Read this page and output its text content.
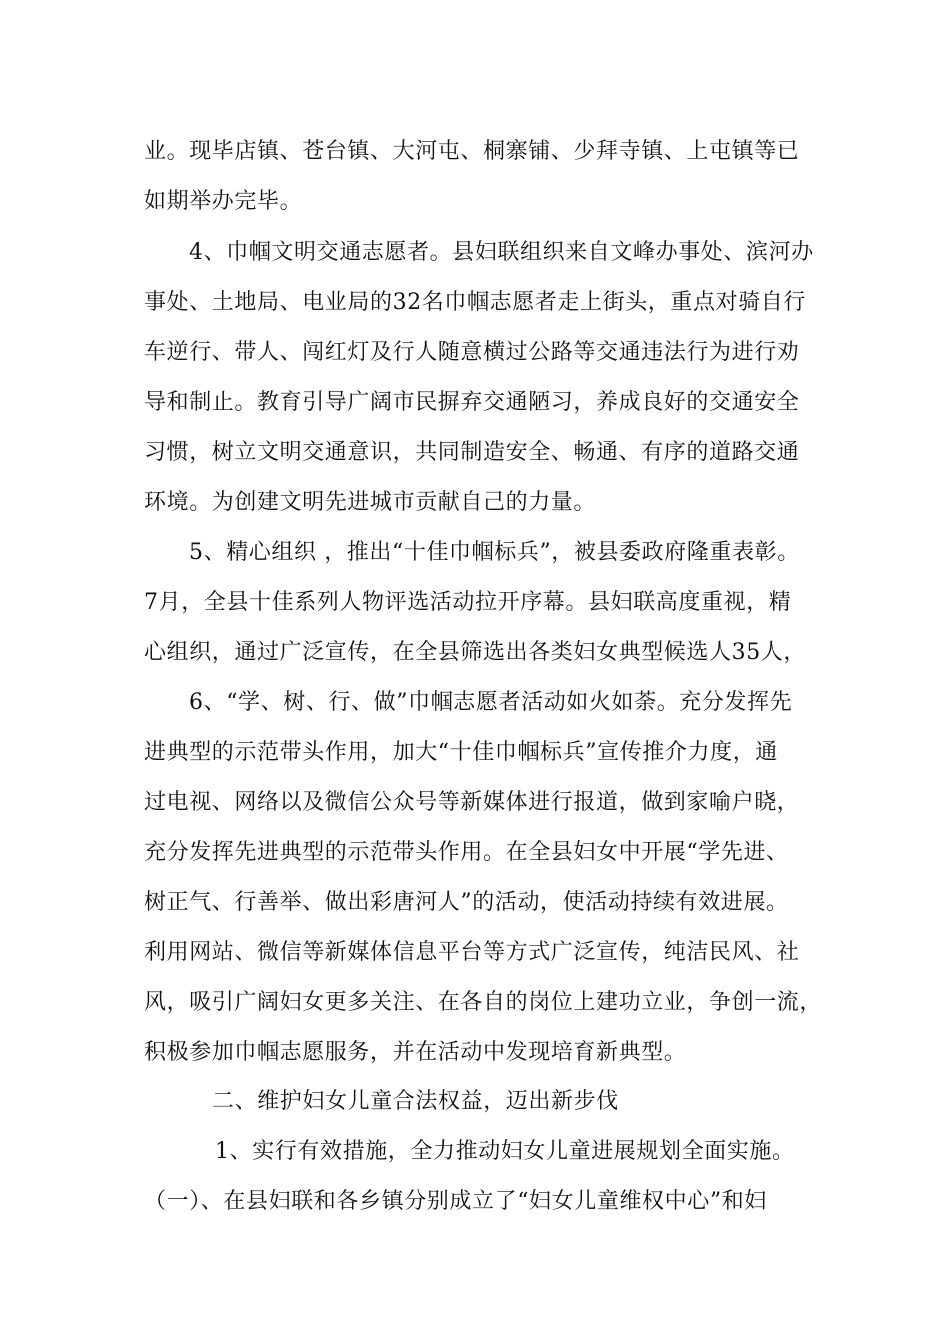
业。现毕店镇、苍台镇、大河屯、桐寨铺、少拜寺镇、上屯镇等已
如期举办完毕。
4、巾帼文明交通志愿者。县妇联组织来自文峰办事处、滨河办
事处、土地局、电业局的32名巾帼志愿者走上街头，重点对骑自行
车逆行、带人、闯红灯及行人随意横过公路等交通违法行为进行劝
导和制止。教育引导广阔市民摒弃交通陋习，养成良好的交通安全
习惯，树立文明交通意识，共同制造安全、畅通、有序的道路交通
环境。为创建文明先进城市贡献自己的力量。
5、精心组织 ，推出“十佳巾帼标兵”，被县委政府隆重表彰。
7月，全县十佳系列人物评选活动拉开序幕。县妇联高度重视，精
心组织，通过广泛宣传，在全县筛选出各类妇女典型候选人35人，
6、“学、树、行、做”巾帼志愿者活动如火如荼。充分发挥先
进典型的示范带头作用，加大“十佳巾帼标兵”宣传推介力度，通
过电视、网络以及微信公众号等新媒体进行报道，做到家喻户晓，
充分发挥先进典型的示范带头作用。在全县妇女中开展“学先进、
树正气、行善举、做出彩唐河人”的活动，使活动持续有效进展。
利用网站、微信等新媒体信息平台等方式广泛宣传，纯洁民风、社
风，吸引广阔妇女更多关注、在各自的岗位上建功立业，争创一流，
积极参加巾帼志愿服务，并在活动中发现培育新典型。
二、维护妇女儿童合法权益，迈出新步伐
1、实行有效措施，全力推动妇女儿童进展规划全面实施。
（一）、在县妇联和各乡镇分别成立了“妇女儿童维权中心”和妇
